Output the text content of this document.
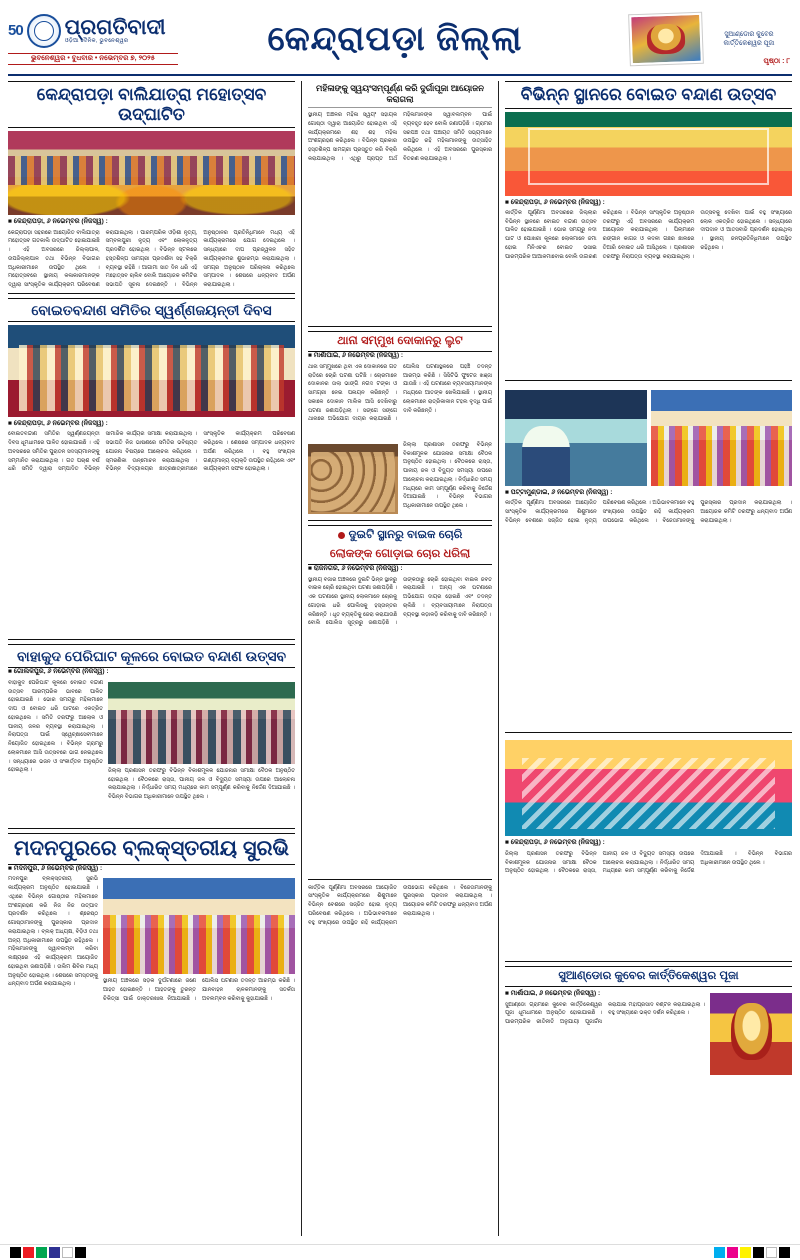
50 ପ୍ରଗତିବାଦୀ
ଓଡ଼ିଆ ଦୈନିକ, ଭୁବନେଶ୍ୱର
ଭୁବନେଶ୍ୱର • ବୁଧବାର • ନଭେମ୍ବର ୭, ୨୦୨୫
କେନ୍ଦ୍ରାପଡ଼ା ଜିଲ୍ଲା	ସୁଆଣ୍ଡୋର କୁବେର କାର୍ତ୍ତିକେଶ୍ୱର ପୂଜା
ପୃଷ୍ଠା : ୮
କେନ୍ଦ୍ରାପଡ଼ା ବାଲିଯାତ୍ରା ମହୋତ୍ସବ ଉଦ୍‌ଘାଟିତ
■ କେନ୍ଦ୍ରାପଡ଼ା, ୬ ନଭେମ୍ବର (ନିଜସ୍ୱ) :
କେନ୍ଦ୍ରାପଡ଼ା ସହରରେ ଆୟୋଜିତ ବାଲିଯାତ୍ରା ମହୋତ୍ସବ ଗତକାଲି ଉଦ୍‌ଘାଟିତ ହୋଇଯାଇଛି । ଏହି ଅବସରରେ ଜିଲ୍ଲାପାଳ, ଉପଜିଲ୍ଲାପାଳ ତଥା ବିଭିନ୍ନ ବିଭାଗର ଅଧିକାରୀମାନେ ଉପସ୍ଥିତ ଥିଲେ । ମହୋତ୍ସବରେ ସ୍ଥାନୀୟ କଳାକାରମାନଙ୍କ ଦ୍ୱାରା ସାଂସ୍କୃତିକ କାର୍ଯ୍ୟକ୍ରମ ପରିବେଷଣ କରାଯାଇଥିଲା । ପାରମ୍ପରିକ ଓଡ଼ିଶୀ ନୃତ୍ୟ, ସମ୍ବଲପୁରୀ ନୃତ୍ୟ ଏବଂ ଲୋକନୃତ୍ୟ ପ୍ରଦର୍ଶିତ ହୋଇଥିଲା । ବିଭିନ୍ନ ସ୍ଟଲରେ ହସ୍ତଶିଳ୍ପ ସାମଗ୍ରୀ ପ୍ରଦର୍ଶନୀ ସହ ବିକ୍ରି ବ୍ୟବସ୍ଥା ରହିଛି । ଆଗାମୀ ସାତ ଦିନ ଧରି ଏହି ମହୋତ୍ସବ ଚାଲିବ ବୋଲି ଆୟୋଜକ କମିଟିର ସଭାପତି ସୂଚନା ଦେଇଛନ୍ତି । ବିଭିନ୍ନ ଅନୁଷ୍ଠାନର ପ୍ରତିନିଧିମାନେ ମଧ୍ୟ ଏହି କାର୍ଯ୍ୟକ୍ରମରେ ଯୋଗ ଦେଇଥିଲେ । ସନ୍ଧ୍ୟାରେ ଦୀପ ପ୍ରଜ୍ୱଳନ ସହିତ କାର୍ଯ୍ୟକ୍ରମର ଶୁଭାରମ୍ଭ କରାଯାଇଥିଲା । ସମଗ୍ର ଅନୁଷ୍ଠାନ ପରିଚାଳନା କରିଥିଲେ ସମ୍ପାଦକ । ଶେଷରେ ଧନ୍ୟବାଦ ଅର୍ପଣ କରାଯାଇଥିଲା ।
ବୋଇତବନ୍ଦାଣ ସମିତିର ସ୍ୱର୍ଣ୍ଣଜୟନ୍ତୀ ଦିବସ
■ କେନ୍ଦ୍ରାପଡ଼ା, ୬ ନଭେମ୍ବର (ନିଜସ୍ୱ) :
ବୋଇତବନ୍ଦାଣ ସମିତିର ସ୍ୱର୍ଣ୍ଣଜୟନ୍ତୀ ଦିବସ ଧୂମଧାମରେ ପାଳିତ ହୋଇଯାଇଛି । ଏହି ଅବସରରେ ସମିତିର ପୁରାତନ ସଦସ୍ୟମାନଙ୍କୁ ସମ୍ମାନିତ କରାଯାଇଥିଲା । ଗତ ପଚାଶ ବର୍ଷ ଧରି ସମିତି ଦ୍ୱାରା ସମ୍ପାଦିତ ବିଭିନ୍ନ ସାମାଜିକ କାର୍ଯ୍ୟର ସମୀକ୍ଷା କରାଯାଇଥିଲା । ସଭାପତି ନିଜ ଭାଷଣରେ ସମିତିର ଭବିଷ୍ୟତ ଯୋଜନା ବିଷୟରେ ଆଲୋଚନା କରିଥିଲେ । ସ୍ମରଣିକା ଉନ୍ମୋଚନ କରାଯାଇଥିଲା । ବିଭିନ୍ନ ବିଦ୍ୟାଳୟର ଛାତ୍ରଛାତ୍ରୀମାନେ ସାଂସ୍କୃତିକ କାର୍ଯ୍ୟକ୍ରମ ପରିବେଷଣ କରିଥିଲେ । ଶେଷରେ ସମ୍ପାଦକ ଧନ୍ୟବାଦ ଅର୍ପଣ କରିଥିଲେ । ବହୁ ସଂଖ୍ୟକ ଗଣ୍ୟମାନ୍ୟ ବ୍ୟକ୍ତି ଉପସ୍ଥିତ ରହିଥିଲେ ଏବଂ କାର୍ଯ୍ୟକ୍ରମ ସଫଳ ହୋଇଥିଲା ।
ବାହାକୁଦ ପେରିଘାଟ କୂଳରେ ବୋଇତ ବନ୍ଦାଣ ଉତ୍ସବ
■ ଗୋଲକପୁର, ୬ ନଭେମ୍ବର (ନିଜସ୍ୱ) :
ବାହାକୁଦ ପେରିଘାଟ କୂଳରେ ବୋଇତ ବନ୍ଦାଣ ଉତ୍ସବ ପାରମ୍ପରିକ ଭାବରେ ପାଳିତ ହୋଇଯାଇଛି । ଭୋର ସମୟରୁ ମହିଳାମାନେ ଦୀପ ଓ ବୋଇତ ଧରି ଘାଟରେ ଏକତ୍ରିତ ହୋଇଥିଲେ । ସମିତି ତରଫରୁ ଆଲୋକ ଓ ପାନୀୟ ଜଳର ବ୍ୟବସ୍ଥା କରାଯାଇଥିଲା । ନିରାପତ୍ତା ପାଇଁ ସ୍ୱେଚ୍ଛାସେବୀମାନେ ନିୟୋଜିତ ହୋଇଥିଲେ । ବିଭିନ୍ନ ଗ୍ରାମରୁ ଲୋକମାନେ ଆସି ଉତ୍ସବରେ ଭାଗ ନେଇଥିଲେ । ସନ୍ଧ୍ୟାରେ ଭଜନ ଓ ସଂକୀର୍ତ୍ତନ ଅନୁଷ୍ଠିତ ହୋଇଥିଲା ।	ଜିଲ୍ଲା ପ୍ରଶାସନ ତରଫରୁ ବିଭିନ୍ନ ବିକାଶମୂଳକ ଯୋଜନାର ସମୀକ୍ଷା ବୈଠକ ଅନୁଷ୍ଠିତ ହୋଇଥିଲା । ବୈଠକରେ ରାସ୍ତା, ପାନୀୟ ଜଳ ଓ ବିଦ୍ୟୁତ ସମସ୍ୟା ଉପରେ ଆଲୋଚନା କରାଯାଇଥିଲା । ନିର୍ଦ୍ଧାରିତ ସମୟ ମଧ୍ୟରେ କାମ ସମ୍ପୂର୍ଣ୍ଣ କରିବାକୁ ନିର୍ଦ୍ଦେଶ ଦିଆଯାଇଛି । ବିଭିନ୍ନ ବିଭାଗର ଅଧିକାରୀମାନେ ଉପସ୍ଥିତ ଥିଲେ ।
ମଦନପୁରରେ ବ୍ଲକ୍‌ସ୍ତରୀୟ ସୁରଭି
■ ମଦନପୁର, ୬ ନଭେମ୍ବର (ନିଜସ୍ୱ) :
ମଦନପୁର ବ୍ଲକ୍‌ସ୍ତରୀୟ ସୁରଭି କାର୍ଯ୍ୟକ୍ରମ ଅନୁଷ୍ଠିତ ହୋଇଯାଇଛି । ଏଥିରେ ବିଭିନ୍ନ ଗୋଷ୍ଠୀର ମହିଳାମାନେ ଅଂଶଗ୍ରହଣ କରି ନିଜ ନିଜ ଉତ୍ପାଦ ପ୍ରଦର୍ଶନ କରିଥିଲେ । ଶ୍ରେଷ୍ଠ ଗୋଷ୍ଠୀମାନଙ୍କୁ ପୁରସ୍କାର ପ୍ରଦାନ କରାଯାଇଥିଲା । ବ୍ଲକ୍‌ ଅଧ୍ୟକ୍ଷ, ବିଡ଼ିଓ ତଥା ଅନ୍ୟ ଅଧିକାରୀମାନେ ଉପସ୍ଥିତ ରହିଥିଲେ । ମହିଳାମାନଙ୍କୁ ସ୍ୱାବଲମ୍ବୀ କରିବା ଲକ୍ଷ୍ୟରେ ଏହି କାର୍ଯ୍ୟକ୍ରମ ଆୟୋଜିତ ହୋଇଥିବା ଜଣାପଡ଼ିଛି । ତାଲିମ ଶିବିର ମଧ୍ୟ ଅନୁଷ୍ଠିତ ହୋଇଥିଲା । ଶେଷରେ ସମସ୍ତଙ୍କୁ ଧନ୍ୟବାଦ ଅର୍ପଣ କରାଯାଇଥିଲା ।	ସ୍ଥାନୀୟ ଅଞ୍ଚଳରେ ସଡ଼କ ଦୁର୍ଘଟଣାରେ ଜଣେ ଆହତ ହୋଇଛନ୍ତି । ଆହତଙ୍କୁ ତୁରନ୍ତ ଚିକିତ୍ସା ପାଇଁ ଡାକ୍ତରଖାନା ନିଆଯାଇଛି । ପୋଲିସ ଘଟଣାର ତଦନ୍ତ ଆରମ୍ଭ କରିଛି । ଯାନବାହନ ଚାଳକମାନଙ୍କୁ ସତର୍କତା ଅବଲମ୍ବନ କରିବାକୁ କୁହାଯାଇଛି ।
ମହିଳାଙ୍କୁ ସ୍ୱୟଂସମ୍ପୂର୍ଣ୍ଣ କରି ଦୁର୍ଗାପୂଜା ଆୟୋଜନ କରାଗଲା
ସ୍ଥାନୀୟ ଅଞ୍ଚଳର ମହିଳା ସ୍ୱୟଂ ସହାୟକ ଗୋଷ୍ଠୀ ଦ୍ୱାରା ଆୟୋଜିତ ହୋଇଥିବା ଏହି କାର୍ଯ୍ୟକ୍ରମରେ ଶହ ଶହ ମହିଳା ଅଂଶଗ୍ରହଣ କରିଥିଲେ । ବିଭିନ୍ନ ପ୍ରକାର ହସ୍ତଶିଳ୍ପ ସାମଗ୍ରୀ ପ୍ରସ୍ତୁତ କରି ବିକ୍ରି କରାଯାଇଥିଲା । ଏଥିରୁ ପ୍ରାପ୍ତ ଅର୍ଥ ମହିଳାମାନଙ୍କ ସ୍ୱାବଲମ୍ବନ ପାଇଁ ବ୍ୟବହୃତ ହେବ ବୋଲି ଜଣାପଡ଼ିଛି । ଗ୍ରାମର ସରପଞ୍ଚ ତଥା ପଞ୍ଚାୟତ ସମିତି ସଭ୍ୟମାନେ ଉପସ୍ଥିତ ରହି ମହିଳାମାନଙ୍କୁ ଉତ୍ସାହିତ କରିଥିଲେ । ଏହି ଅବସରରେ ପୁରସ୍କାର ବିତରଣ କରାଯାଇଥିଲା ।
ଥାନା ସମ୍ମୁଖ ଦୋକାନରୁ ଲୁଟ
■ ମାର୍ଶାଘାଇ, ୬ ନଭେମ୍ବର (ନିଜସ୍ୱ) :
ଥାନା ସମ୍ମୁଖରେ ଥିବା ଏକ ଦୋକାନରେ ଗତ ରାତିରେ ଚୋରି ଘଟଣା ଘଟିଛି । ଚୋରମାନେ ଦୋକାନର ତାଲା ଭାଙ୍ଗି ନଗଦ ଟଙ୍କା ଓ ସାମଗ୍ରୀ ନେଇ ପଳାୟନ କରିଛନ୍ତି । ସକାଳେ ଦୋକାନ ମାଲିକ ଆସି ଦେଖିବାରୁ ଘଟଣା ଜଣାପଡ଼ିଥିଲା । ସଙ୍ଗେ ସଙ୍ଗେ ଥାନାରେ ଅଭିଯୋଗ ଦାୟର କରାଯାଇଛି । ପୋଲିସ ଘଟଣାସ୍ଥଳରେ ପହଞ୍ଚି ତଦନ୍ତ ଆରମ୍ଭ କରିଛି । ସିସିଟିଭି ଫୁଟେଜ ଖଞ୍ଜା ଯାଉଛି । ଏହି ଘଟଣାରେ ବ୍ୟବସାୟୀମାନଙ୍କ ମଧ୍ୟରେ ଆତଙ୍କ ଖେଳିଯାଇଛି । ସ୍ଥାନୀୟ ଲୋକମାନେ ରାତ୍ରିକାଳୀନ ଟହଲ ବୃଦ୍ଧି ପାଇଁ ଦାବି କରିଛନ୍ତି ।
ଜିଲ୍ଲା ପ୍ରଶାସନ ତରଫରୁ ବିଭିନ୍ନ ବିକାଶମୂଳକ ଯୋଜନାର ସମୀକ୍ଷା ବୈଠକ ଅନୁଷ୍ଠିତ ହୋଇଥିଲା । ବୈଠକରେ ରାସ୍ତା, ପାନୀୟ ଜଳ ଓ ବିଦ୍ୟୁତ ସମସ୍ୟା ଉପରେ ଆଲୋଚନା କରାଯାଇଥିଲା । ନିର୍ଦ୍ଧାରିତ ସମୟ ମଧ୍ୟରେ କାମ ସମ୍ପୂର୍ଣ୍ଣ କରିବାକୁ ନିର୍ଦ୍ଦେଶ ଦିଆଯାଇଛି । ବିଭିନ୍ନ ବିଭାଗର ଅଧିକାରୀମାନେ ଉପସ୍ଥିତ ଥିଲେ ।
ଦୁଇଟି ସ୍ଥାନରୁ ବାଇକ ଚୋରି
ଲୋକଙ୍କ ଗୋଡ଼ାଇ ଚୋର ଧରିଲା
■ ରାଜନଗର, ୬ ନଭେମ୍ବର (ନିଜସ୍ୱ) :
ସ୍ଥାନୀୟ ବଜାର ଅଞ୍ଚଳରେ ଦୁଇଟି ଭିନ୍ନ ସ୍ଥାନରୁ ବାଇକ ଚୋରି ହୋଇଥିବା ଘଟଣା ଜଣାପଡ଼ିଛି । ଏକ ଘଟଣାରେ ସ୍ଥାନୀୟ ଲୋକମାନେ ଚୋରକୁ ଗୋଡ଼ାଇ ଧରି ପୋଲିସକୁ ହସ୍ତାନ୍ତର କରିଛନ୍ତି । ଧୃତ ବ୍ୟକ୍ତିକୁ ଜେରା କରାଯାଉଛି ବୋଲି ପୋଲିସ ସୂତ୍ରରୁ ଜଣାପଡ଼ିଛି । ତାଙ୍କଠାରୁ ଚୋରି ହୋଇଥିବା ବାଇକ ଜବତ କରାଯାଇଛି । ଅନ୍ୟ ଏକ ଘଟଣାରେ ଅଭିଯୋଗ ଦାୟର ହୋଇଛି ଏବଂ ତଦନ୍ତ ଚାଲିଛି । ବ୍ୟବସାୟୀମାନେ ନିରାପତ୍ତା ବ୍ୟବସ୍ଥା କଡ଼ାକଡ଼ି କରିବାକୁ ଦାବି କରିଛନ୍ତି ।
କାର୍ତ୍ତିକ ପୂର୍ଣ୍ଣିମା ଅବସରରେ ଆୟୋଜିତ ସାଂସ୍କୃତିକ କାର୍ଯ୍ୟକ୍ରମରେ ଶିଶୁମାନେ ବିଭିନ୍ନ ବେଶରେ ସଜ୍ଜିତ ହୋଇ ନୃତ୍ୟ ପରିବେଷଣ କରିଥିଲେ । ଅଭିଭାବକମାନେ ବହୁ ସଂଖ୍ୟାରେ ଉପସ୍ଥିତ ରହି କାର୍ଯ୍ୟକ୍ରମ ଉପଭୋଗ କରିଥିଲେ । ବିଜେତାମାନଙ୍କୁ ପୁରସ୍କାର ପ୍ରଦାନ କରାଯାଇଥିଲା । ଆୟୋଜକ କମିଟି ତରଫରୁ ଧନ୍ୟବାଦ ଅର୍ପଣ କରାଯାଇଥିଲା ।
ବିଭିନ୍ନ ସ୍ଥାନରେ ବୋଇତ ବନ୍ଦାଣ ଉତ୍ସବ
■ କେନ୍ଦ୍ରାପଡ଼ା, ୬ ନଭେମ୍ବର (ନିଜସ୍ୱ) :
କାର୍ତ୍ତିକ ପୂର୍ଣ୍ଣିମା ଅବସରରେ ଜିଲ୍ଲାର ବିଭିନ୍ନ ସ୍ଥାନରେ ବୋଇତ ବନ୍ଦାଣ ଉତ୍ସବ ପାଳିତ ହୋଇଯାଇଛି । ଭୋର ସମୟରୁ ନଦୀ ଘାଟ ଓ ପୋଖରୀ କୂଳରେ ଲୋକମାନେ ଜମା ହୋଇ ମିନିଏଚର ବୋଇତ ଭସାଇ ପାରମ୍ପରିକ ଆଆକମାବୋଇ ବୋଲି ଉଚ୍ଚାରଣ କରିଥିଲେ । ବିଭିନ୍ନ ସାଂସ୍କୃତିକ ଅନୁଷ୍ଠାନ ତରଫରୁ ଏହି ଅବସରରେ କାର୍ଯ୍ୟକ୍ରମ ଆୟୋଜନ କରାଯାଇଥିଲା । ପିଲାମାନେ ରଙ୍ଗୀନ କାଗଜ ଓ କଦଳୀ ଗଛର ଛାଲରେ ତିଆରି ବୋଇତ ଧରି ଆସିଥିଲେ । ପ୍ରଶାସନ ତରଫରୁ ନିରାପତ୍ତା ବ୍ୟବସ୍ଥା କରାଯାଇଥିଲା । ଉତ୍ସବକୁ ଦେଖିବା ପାଇଁ ବହୁ ସଂଖ୍ୟାରେ ଲୋକ ଏକତ୍ରିତ ହୋଇଥିଲେ । ସନ୍ଧ୍ୟାରେ ଦୀପଦାନ ଓ ଆତସବାଜି ପ୍ରଦର୍ଶନ ହୋଇଥିଲା । ସ୍ଥାନୀୟ ଜନପ୍ରତିନିଧିମାନେ ଉପସ୍ଥିତ ରହିଥିଲେ ।
■ ପଟ୍ଟାମୁଣ୍ଡାଇ, ୬ ନଭେମ୍ବର (ନିଜସ୍ୱ) :
କାର୍ତ୍ତିକ ପୂର୍ଣ୍ଣିମା ଅବସରରେ ଆୟୋଜିତ ସାଂସ୍କୃତିକ କାର୍ଯ୍ୟକ୍ରମରେ ଶିଶୁମାନେ ବିଭିନ୍ନ ବେଶରେ ସଜ୍ଜିତ ହୋଇ ନୃତ୍ୟ ପରିବେଷଣ କରିଥିଲେ । ଅଭିଭାବକମାନେ ବହୁ ସଂଖ୍ୟାରେ ଉପସ୍ଥିତ ରହି କାର୍ଯ୍ୟକ୍ରମ ଉପଭୋଗ କରିଥିଲେ । ବିଜେତାମାନଙ୍କୁ ପୁରସ୍କାର ପ୍ରଦାନ କରାଯାଇଥିଲା । ଆୟୋଜକ କମିଟି ତରଫରୁ ଧନ୍ୟବାଦ ଅର୍ପଣ କରାଯାଇଥିଲା ।
■ କେନ୍ଦ୍ରାପଡ଼ା, ୬ ନଭେମ୍ବର (ନିଜସ୍ୱ) :
ଜିଲ୍ଲା ପ୍ରଶାସନ ତରଫରୁ ବିଭିନ୍ନ ବିକାଶମୂଳକ ଯୋଜନାର ସମୀକ୍ଷା ବୈଠକ ଅନୁଷ୍ଠିତ ହୋଇଥିଲା । ବୈଠକରେ ରାସ୍ତା, ପାନୀୟ ଜଳ ଓ ବିଦ୍ୟୁତ ସମସ୍ୟା ଉପରେ ଆଲୋଚନା କରାଯାଇଥିଲା । ନିର୍ଦ୍ଧାରିତ ସମୟ ମଧ୍ୟରେ କାମ ସମ୍ପୂର୍ଣ୍ଣ କରିବାକୁ ନିର୍ଦ୍ଦେଶ ଦିଆଯାଇଛି । ବିଭିନ୍ନ ବିଭାଗର ଅଧିକାରୀମାନେ ଉପସ୍ଥିତ ଥିଲେ ।
ସୁଆଣ୍ଡୋର କୁବେର କାର୍ତ୍ତିକେଶ୍ୱର ପୂଜା
■ ମାର୍ଶାଘାଇ, ୬ ନଭେମ୍ବର (ନିଜସ୍ୱ) :
ସୁଆଣ୍ଡୋ ଗ୍ରାମରେ କୁବେର କାର୍ତ୍ତିକେଶ୍ୱର ପୂଜା ଧୂମଧାମରେ ଅନୁଷ୍ଠିତ ହୋଇଯାଇଛି । ପାରମ୍ପରିକ ରୀତିନୀତି ଅନୁଯାୟୀ ପୂଜାର୍ଚ୍ଚନା କରାଯାଇ ମହାପ୍ରସାଦ ବଣ୍ଟନ କରାଯାଇଥିଲା । ବହୁ ସଂଖ୍ୟାରେ ଭକ୍ତ ଦର୍ଶନ କରିଥିଲେ ।
